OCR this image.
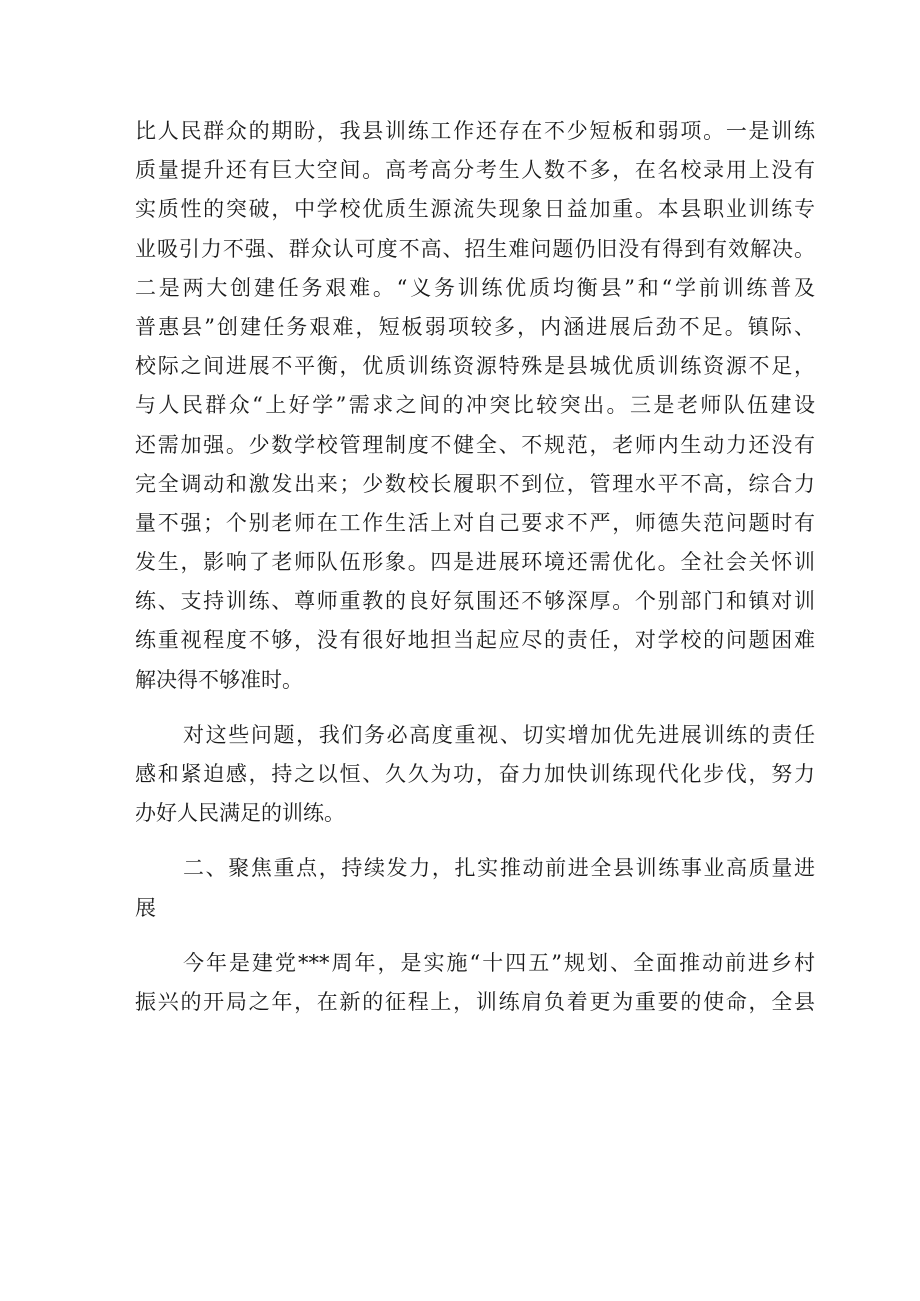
比人民群众的期盼，我县训练工作还存在不少短板和弱项。一是训练
质量提升还有巨大空间。高考高分考生人数不多，在名校录用上没有
实质性的突破，中学校优质生源流失现象日益加重。本县职业训练专
业吸引力不强、群众认可度不高、招生难问题仍旧没有得到有效解决。
二是两大创建任务艰难。“义务训练优质均衡县”和“学前训练普及
普惠县”创建任务艰难，短板弱项较多，内涵进展后劲不足。镇际、
校际之间进展不平衡，优质训练资源特殊是县城优质训练资源不足，
与人民群众“上好学”需求之间的冲突比较突出。三是老师队伍建设
还需加强。少数学校管理制度不健全、不规范，老师内生动力还没有
完全调动和激发出来；少数校长履职不到位，管理水平不高，综合力
量不强；个别老师在工作生活上对自己要求不严，师德失范问题时有
发生，影响了老师队伍形象。四是进展环境还需优化。全社会关怀训
练、支持训练、尊师重教的良好氛围还不够深厚。个别部门和镇对训
练重视程度不够，没有很好地担当起应尽的责任，对学校的问题困难
解决得不够准时。
对这些问题，我们务必高度重视、切实增加优先进展训练的责任
感和紧迫感，持之以恒、久久为功，奋力加快训练现代化步伐，努力
办好人民满足的训练。
二、聚焦重点，持续发力，扎实推动前进全县训练事业高质量进
展
今年是建党***周年，是实施“十四五”规划、全面推动前进乡村
振兴的开局之年，在新的征程上，训练肩负着更为重要的使命，全县
